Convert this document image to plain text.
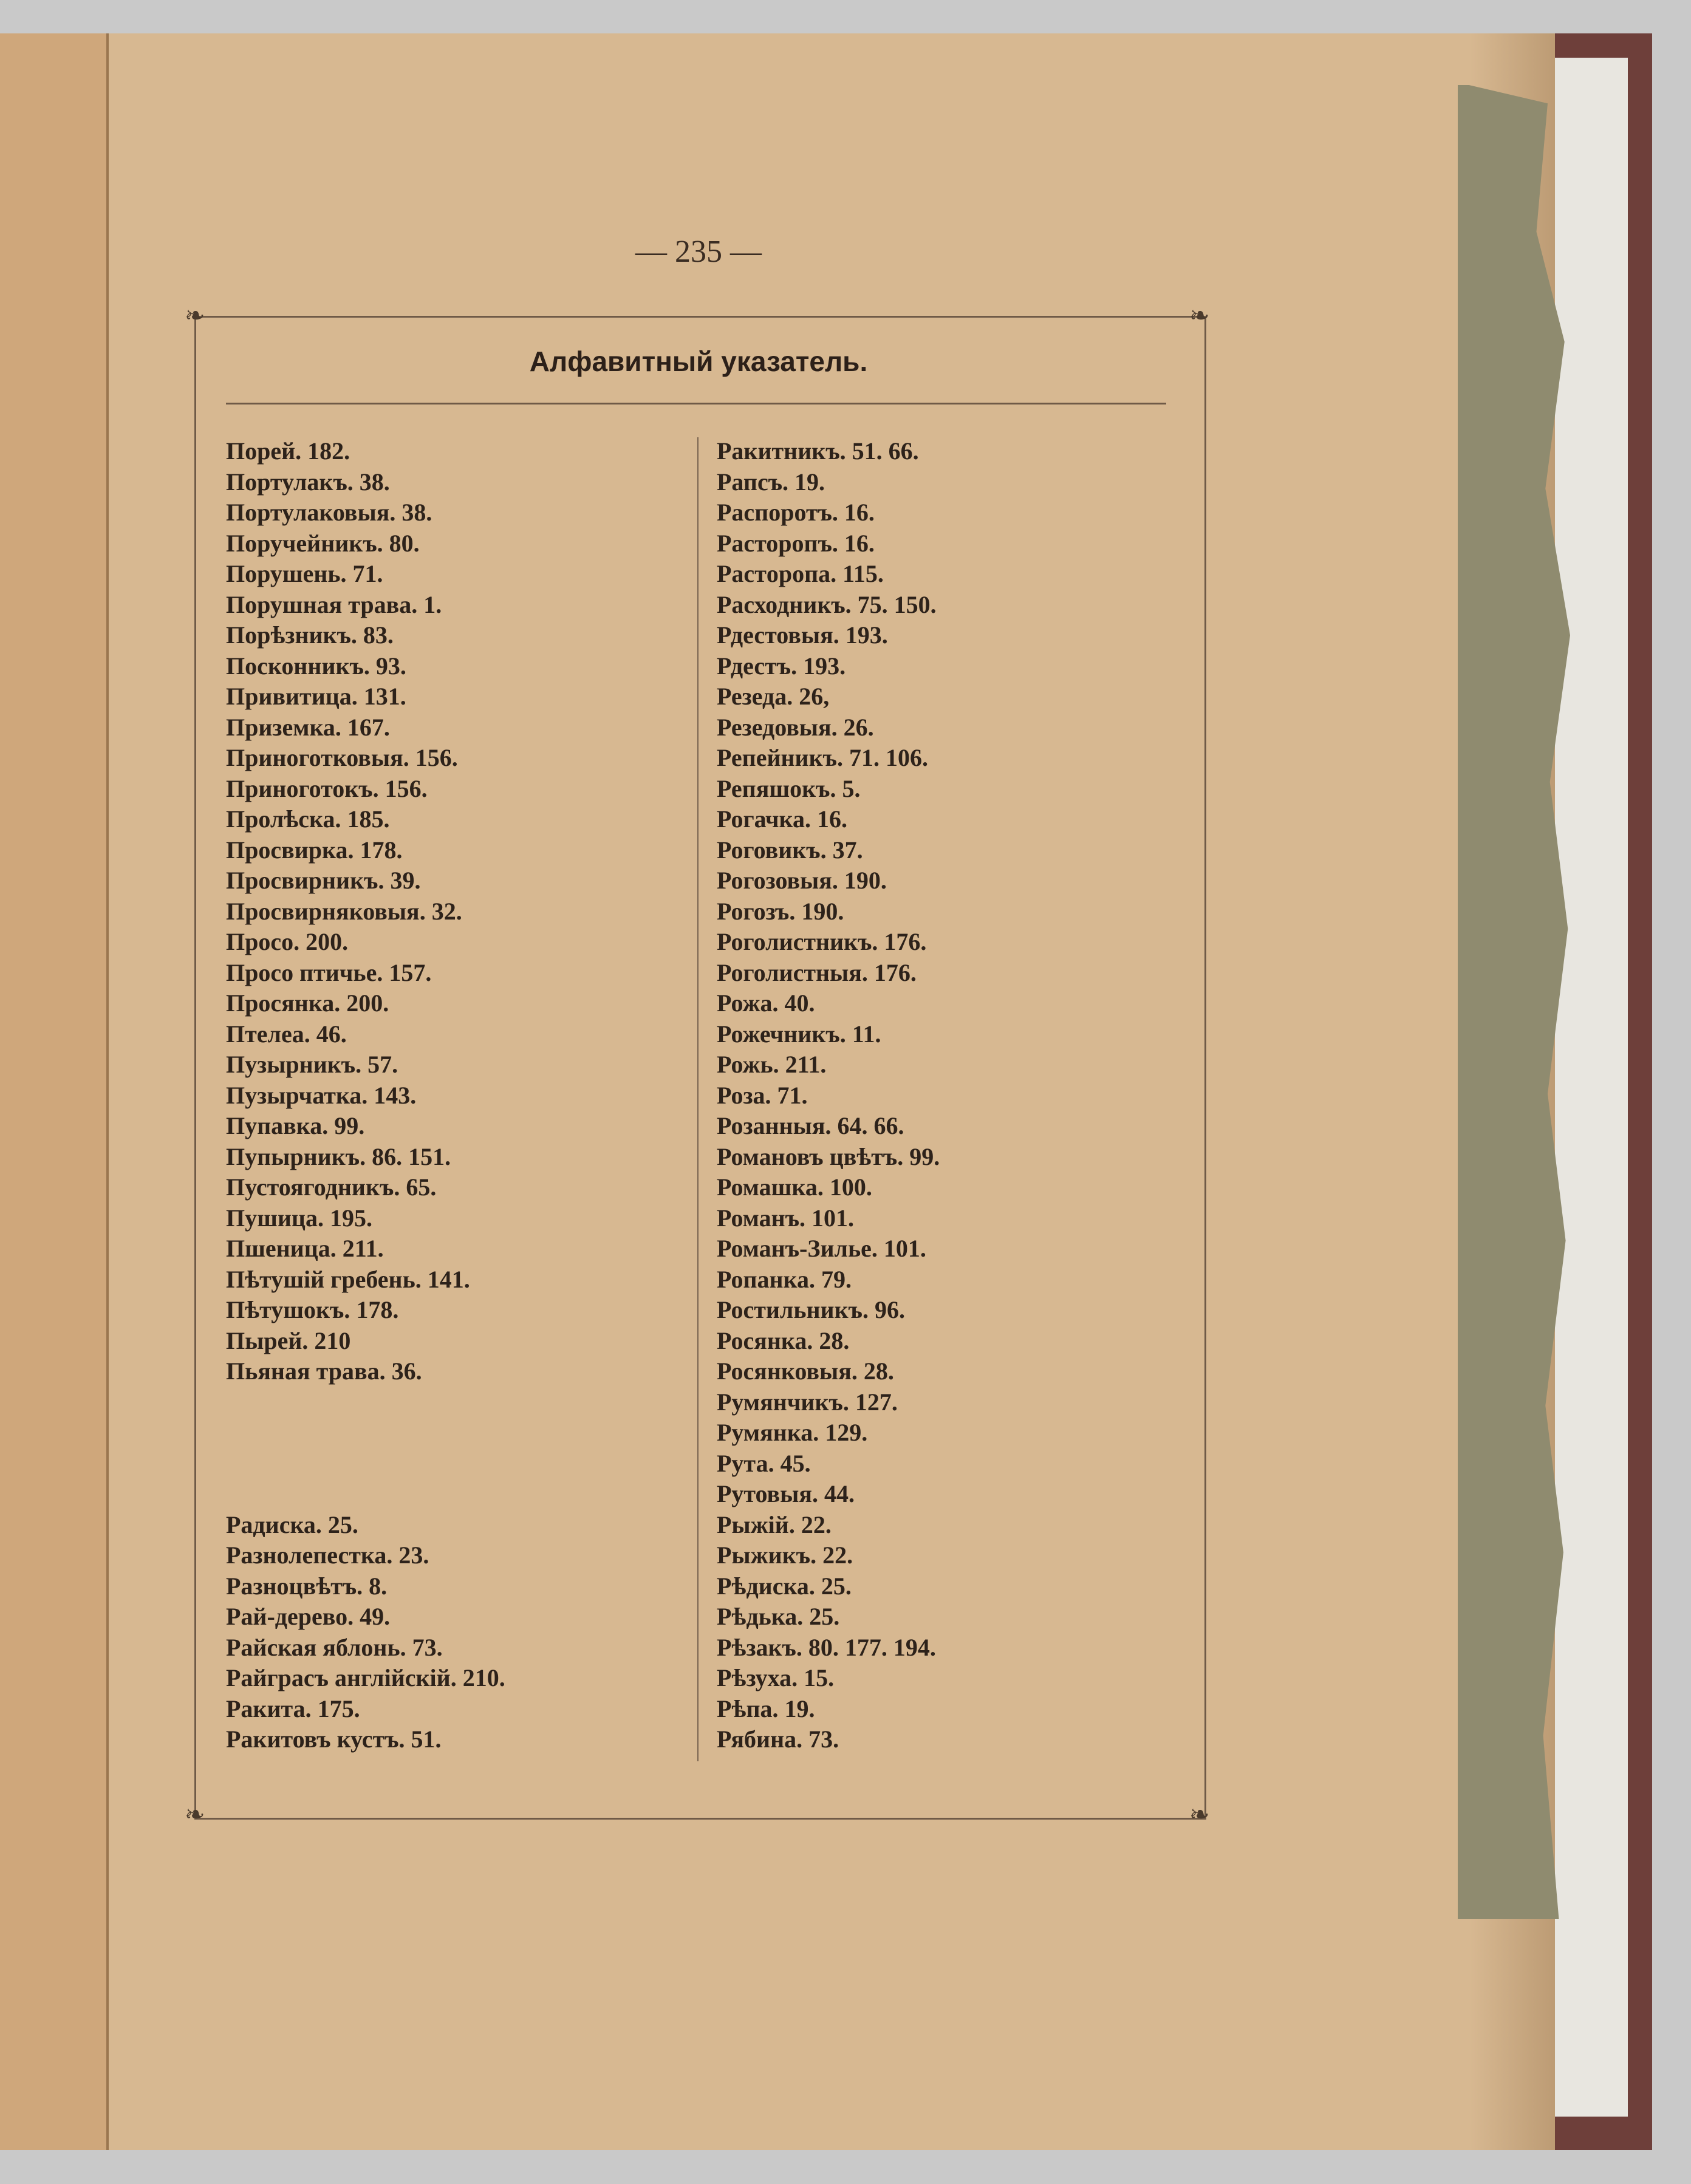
— 235 —
❧	❧
❧	❧
Алфавитный указатель.
Порей. 182.
Портулакъ. 38.
Портулаковыя. 38.
Поручейникъ. 80.
Порушень. 71.
Порушная трава. 1.
Порѣзникъ. 83.
Посконникъ. 93.
Привитица. 131.
Приземка. 167.
Приноготковыя. 156.
Приноготокъ. 156.
Пролѣска. 185.
Просвирка. 178.
Просвирникъ. 39.
Просвирняковыя. 32.
Просо. 200.
Просо птичье. 157.
Просянка. 200.
Птелеа. 46.
Пузырникъ. 57.
Пузырчатка. 143.
Пупавка. 99.
Пупырникъ. 86. 151.
Пустоягодникъ. 65.
Пушица. 195.
Пшеница. 211.
Пѣтушій гребень. 141.
Пѣтушокъ. 178.
Пырей. 210
Пьяная трава. 36.
Радиска. 25.
Разнолепестка. 23.
Разноцвѣтъ. 8.
Рай-дерево. 49.
Райская яблонь. 73.
Райграсъ англійскій. 210.
Ракита. 175.
Ракитовъ кустъ. 51.
Ракитникъ. 51. 66.
Рапсъ. 19.
Распоротъ. 16.
Расторопъ. 16.
Растoропа. 115.
Расходникъ. 75. 150.
Рдестовыя. 193.
Рдестъ. 193.
Резеда. 26,
Резедовыя. 26.
Репейникъ. 71. 106.
Репяшокъ. 5.
Рогачка. 16.
Роговикъ. 37.
Рогозовыя. 190.
Рогозъ. 190.
Роголистникъ. 176.
Роголистныя. 176.
Рожа. 40.
Рожечникъ. 11.
Рожь. 211.
Роза. 71.
Розанныя. 64. 66.
Романовъ цвѣтъ. 99.
Ромашка. 100.
Романъ. 101.
Романъ-Зилье. 101.
Ропанка. 79.
Ростильникъ. 96.
Росянка. 28.
Росянковыя. 28.
Румянчикъ. 127.
Румянка. 129.
Рута. 45.
Рутовыя. 44.
Рыжій. 22.
Рыжикъ. 22.
Рѣдиска. 25.
Рѣдька. 25.
Рѣзакъ. 80. 177. 194.
Рѣзуха. 15.
Рѣпа. 19.
Рябина. 73.
